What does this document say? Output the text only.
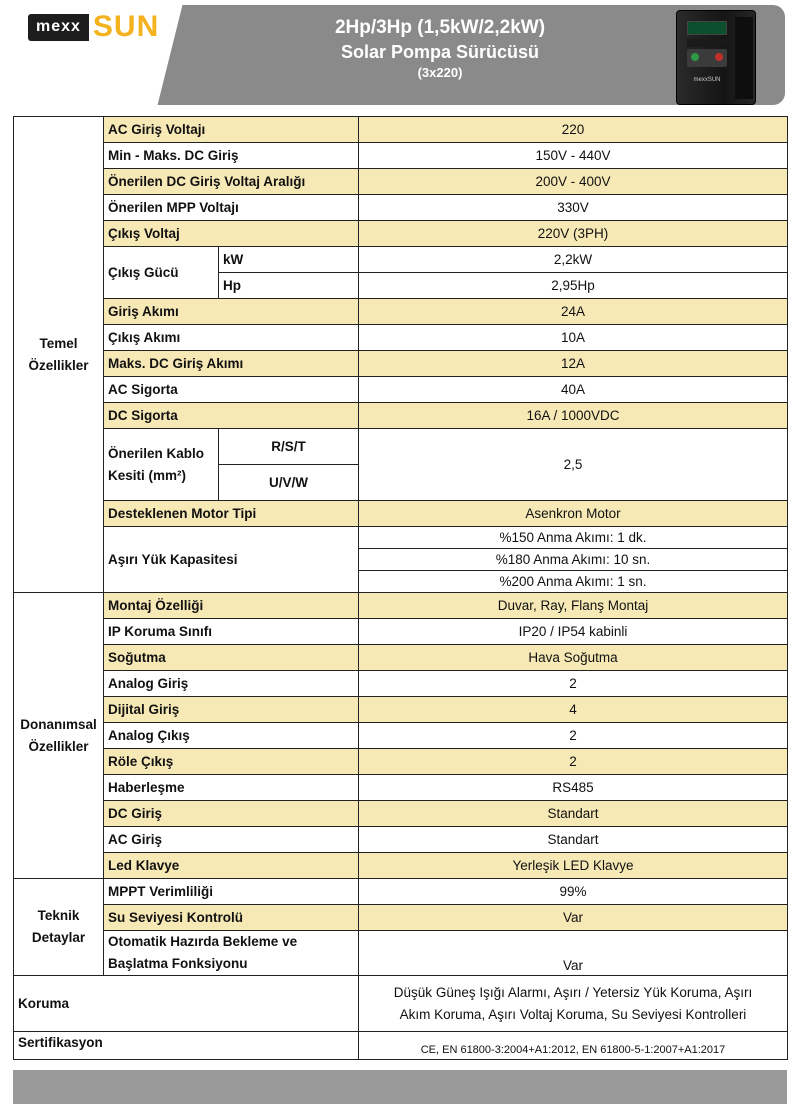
mexx SUN	2Hp/3Hp (1,5kW/2,2kW)
Solar Pompa Sürücüsü
(3x220)	mexxSUN
Temel
Özellikler	AC Giriş Voltajı		220
	Min - Maks. DC Giriş		150V - 440V
	Önerilen DC Giriş Voltaj Aralığı		200V - 400V
	Önerilen MPP Voltajı		330V
	Çıkış Voltaj		220V (3PH)
	Çıkış Gücü	kW	2,2kW
		Hp	2,95Hp
	Giriş Akımı		24A
	Çıkış Akımı		10A
	Maks. DC Giriş Akımı		12A
	AC Sigorta		40A
	DC Sigorta		16A / 1000VDC

	Önerilen Kablo
Kesiti (mm²)	R/S/T	2,5
		U/V/W	
	Desteklenen Motor Tipi		Asenkron Motor
	Aşırı Yük Kapasitesi		%150 Anma Akımı: 1 dk.
			%180 Anma Akımı: 10 sn.
			%200 Anma Akımı: 1 sn.

Donanımsal
Özellikler	Montaj Özelliği		Duvar, Ray, Flanş Montaj
	IP Koruma Sınıfı		IP20 / IP54 kabinli
	Soğutma		Hava Soğutma
	Analog Giriş		2
	Dijital Giriş		4
	Analog Çıkış		2
	Röle Çıkış		2
	Haberleşme		RS485
	DC Giriş		Standart
	AC Giriş		Standart
	Led Klavye		Yerleşik LED Klavye

Teknik
Detaylar	MPPT Verimliliği		99%
	Su Seviyesi Kontrolü		Var

	Otomatik Hazırda Bekleme ve
Başlatma Fonksiyonu		Var
Koruma			Düşük Güneş Işığı Alarmı, Aşırı / Yetersiz Yük Koruma, Aşırı
Akım Koruma, Aşırı Voltaj Koruma, Su Seviyesi Kontrolleri

Sertifikasyon			CE, EN 61800-3:2004+A1:2012, EN 61800-5-1:2007+A1:2017
